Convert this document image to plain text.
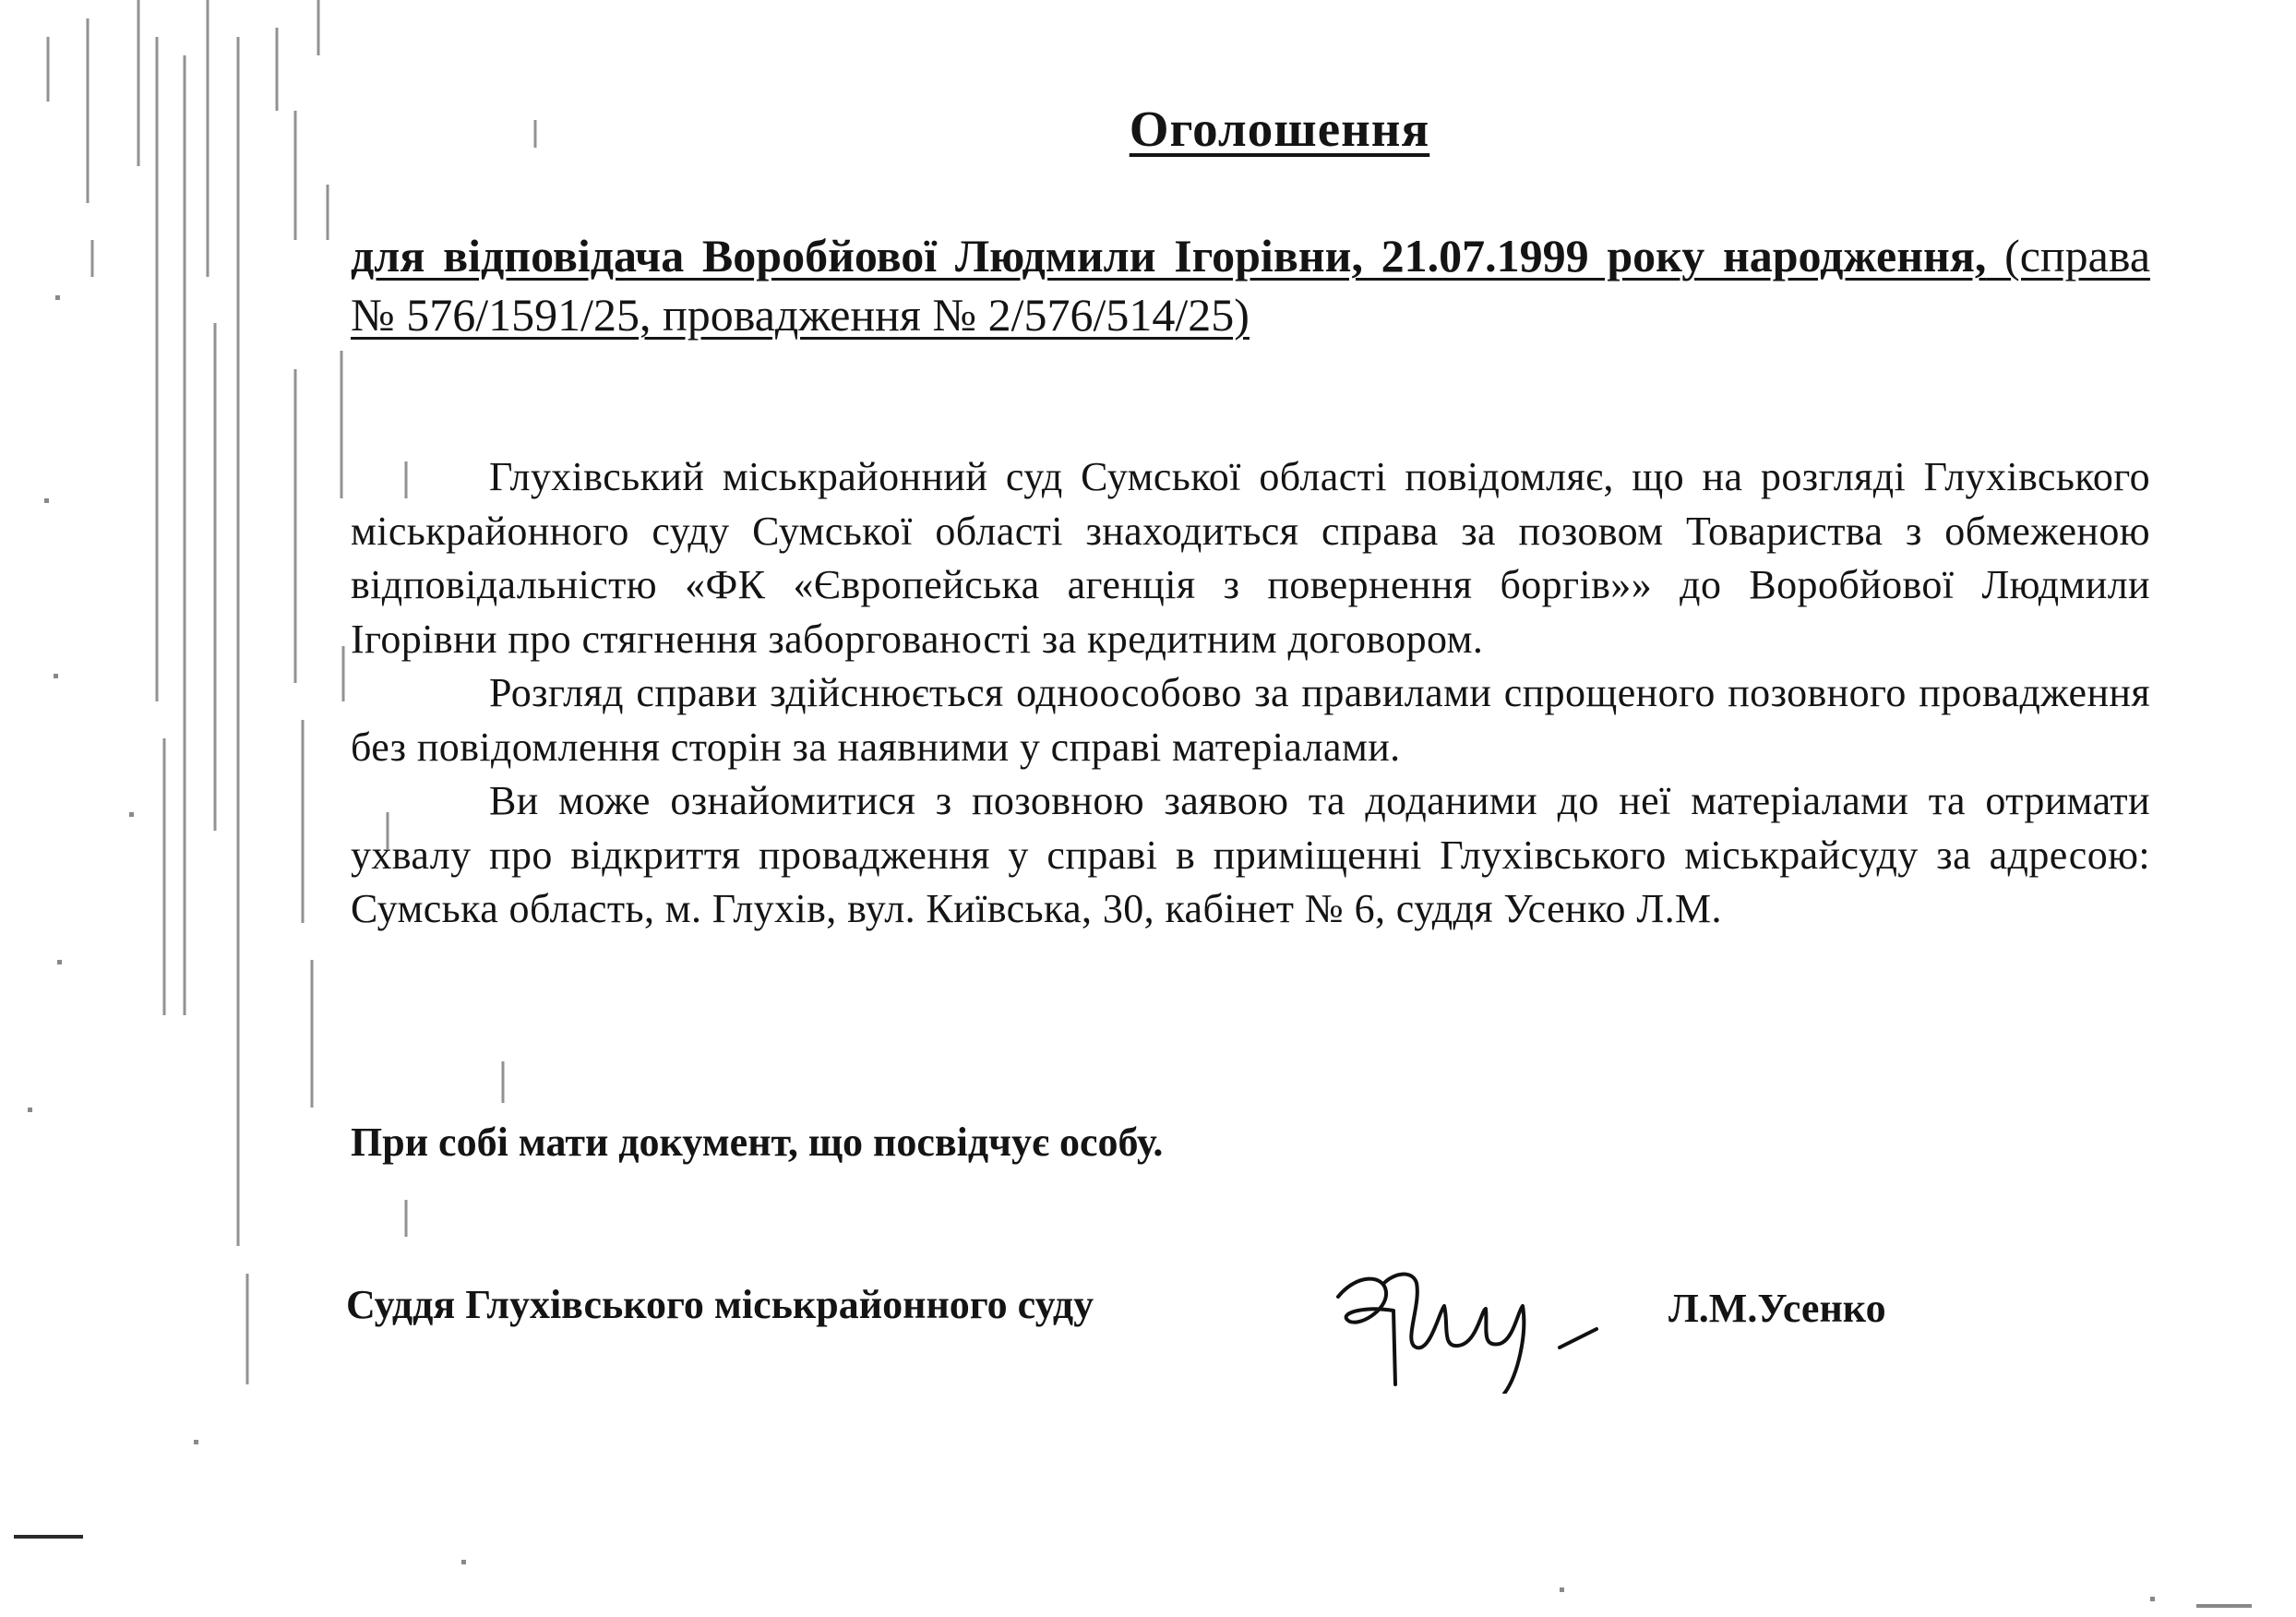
Оголошення
для відповідача Воробйової Людмили Ігорівни, 21.07.1999 року народження, (справа № 576/1591/25, провадження № 2/576/514/25)

Глухівський міськрайонний суд Сумської області повідомляє, що на розгляді Глухівського міськрайонного суду Сумської області знаходиться справа за позовом Товариства з обмеженою відповідальністю «ФК «Європейська агенція з повернення боргів»» до Воробйової Людмили Ігорівни про стягнення заборгованості за кредитним договором.

Розгляд справи здійснюється одноособово за правилами спрощеного позовного провадження без повідомлення сторін за наявними у справі матеріалами.

Ви може ознайомитися з позовною заявою та доданими до неї матеріалами та отримати ухвалу про відкриття провадження у справі в приміщенні Глухівського міськрайсуду за адресою: Сумська область, м. Глухів, вул. Київська, 30, кабінет № 6, суддя Усенко Л.М.

При собі мати документ, що посвідчує особу.
Суддя Глухівського міськрайонного суду	Л.М.Усенко
